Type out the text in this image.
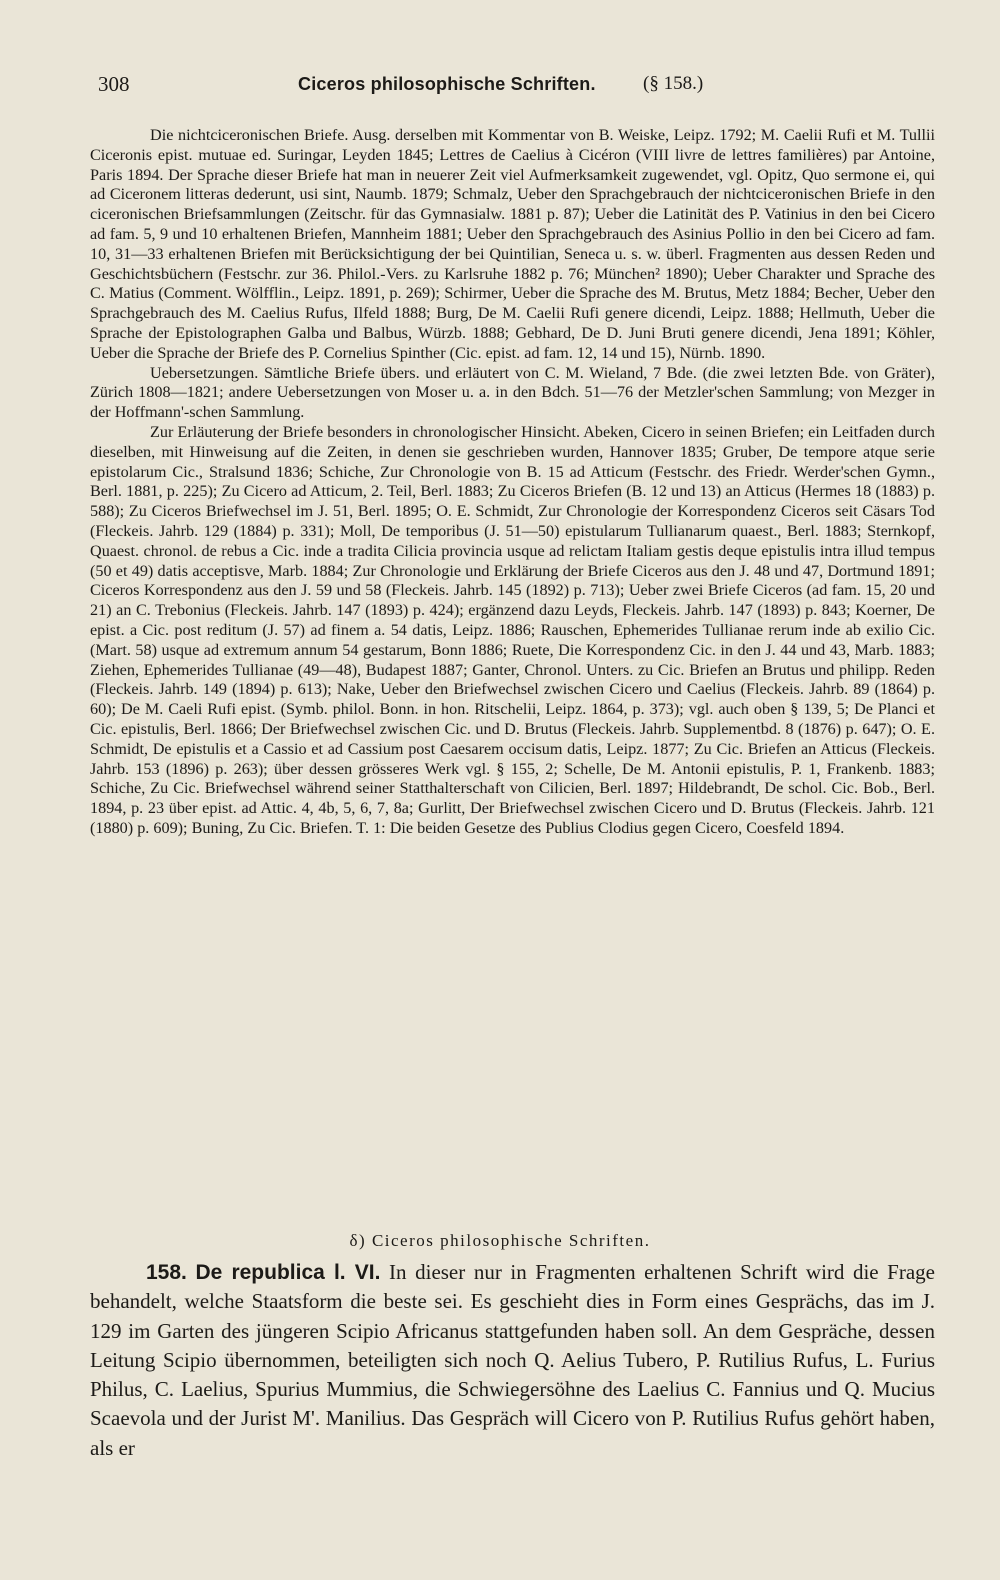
308	Ciceros philosophische Schriften. (§ 158.)

Die nichtciceronischen Briefe. Ausg. derselben mit Kommentar von B. Weiske, Leipz. 1792; M. Caelii Rufi et M. Tullii Ciceronis epist. mutuae ed. Suringar, Leyden 1845; Lettres de Caelius à Cicéron (VIII livre de lettres familières) par Antoine, Paris 1894. Der Sprache dieser Briefe hat man in neuerer Zeit viel Aufmerksamkeit zugewendet, vgl. Opitz, Quo sermone ei, qui ad Ciceronem litteras dederunt, usi sint, Naumb. 1879; Schmalz, Ueber den Sprachgebrauch der nichtciceronischen Briefe in den ciceronischen Briefsammlungen (Zeitschr. für das Gymnasialw. 1881 p. 87); Ueber die Latinität des P. Vatinius in den bei Cicero ad fam. 5, 9 und 10 erhaltenen Briefen, Mannheim 1881; Ueber den Sprachgebrauch des Asinius Pollio in den bei Cicero ad fam. 10, 31—33 erhaltenen Briefen mit Berücksichtigung der bei Quintilian, Seneca u. s. w. überl. Fragmenten aus dessen Reden und Geschichtsbüchern (Festschr. zur 36. Philol.-Vers. zu Karlsruhe 1882 p. 76; München² 1890); Ueber Charakter und Sprache des C. Matius (Comment. Wölfflin., Leipz. 1891, p. 269); Schirmer, Ueber die Sprache des M. Brutus, Metz 1884; Becher, Ueber den Sprachgebrauch des M. Caelius Rufus, Ilfeld 1888; Burg, De M. Caelii Rufi genere dicendi, Leipz. 1888; Hellmuth, Ueber die Sprache der Epistolographen Galba und Balbus, Würzb. 1888; Gebhard, De D. Juni Bruti genere dicendi, Jena 1891; Köhler, Ueber die Sprache der Briefe des P. Cornelius Spinther (Cic. epist. ad fam. 12, 14 und 15), Nürnb. 1890.

Uebersetzungen. Sämtliche Briefe übers. und erläutert von C. M. Wieland, 7 Bde. (die zwei letzten Bde. von Gräter), Zürich 1808—1821; andere Uebersetzungen von Moser u. a. in den Bdch. 51—76 der Metzler'schen Sammlung; von Mezger in der Hoffmann'-schen Sammlung.

Zur Erläuterung der Briefe besonders in chronologischer Hinsicht. Abeken, Cicero in seinen Briefen; ein Leitfaden durch dieselben, mit Hinweisung auf die Zeiten, in denen sie geschrieben wurden, Hannover 1835; Gruber, De tempore atque serie epistolarum Cic., Stralsund 1836; Schiche, Zur Chronologie von B. 15 ad Atticum (Festschr. des Friedr. Werder'schen Gymn., Berl. 1881, p. 225); Zu Cicero ad Atticum, 2. Teil, Berl. 1883; Zu Ciceros Briefen (B. 12 und 13) an Atticus (Hermes 18 (1883) p. 588); Zu Ciceros Briefwechsel im J. 51, Berl. 1895; O. E. Schmidt, Zur Chronologie der Korrespondenz Ciceros seit Cäsars Tod (Fleckeis. Jahrb. 129 (1884) p. 331); Moll, De temporibus (J. 51—50) epistularum Tullianarum quaest., Berl. 1883; Sternkopf, Quaest. chronol. de rebus a Cic. inde a tradita Cilicia provincia usque ad relictam Italiam gestis deque epistulis intra illud tempus (50 et 49) datis acceptisve, Marb. 1884; Zur Chronologie und Erklärung der Briefe Ciceros aus den J. 48 und 47, Dortmund 1891; Ciceros Korrespondenz aus den J. 59 und 58 (Fleckeis. Jahrb. 145 (1892) p. 713); Ueber zwei Briefe Ciceros (ad fam. 15, 20 und 21) an C. Trebonius (Fleckeis. Jahrb. 147 (1893) p. 424); ergänzend dazu Leyds, Fleckeis. Jahrb. 147 (1893) p. 843; Koerner, De epist. a Cic. post reditum (J. 57) ad finem a. 54 datis, Leipz. 1886; Rauschen, Ephemerides Tullianae rerum inde ab exilio Cic. (Mart. 58) usque ad extremum annum 54 gestarum, Bonn 1886; Ruete, Die Korrespondenz Cic. in den J. 44 und 43, Marb. 1883; Ziehen, Ephemerides Tullianae (49—48), Budapest 1887; Ganter, Chronol. Unters. zu Cic. Briefen an Brutus und philipp. Reden (Fleckeis. Jahrb. 149 (1894) p. 613); Nake, Ueber den Briefwechsel zwischen Cicero und Caelius (Fleckeis. Jahrb. 89 (1864) p. 60); De M. Caeli Rufi epist. (Symb. philol. Bonn. in hon. Ritschelii, Leipz. 1864, p. 373); vgl. auch oben § 139, 5; De Planci et Cic. epistulis, Berl. 1866; Der Briefwechsel zwischen Cic. und D. Brutus (Fleckeis. Jahrb. Supplementbd. 8 (1876) p. 647); O. E. Schmidt, De epistulis et a Cassio et ad Cassium post Caesarem occisum datis, Leipz. 1877; Zu Cic. Briefen an Atticus (Fleckeis. Jahrb. 153 (1896) p. 263); über dessen grösseres Werk vgl. § 155, 2; Schelle, De M. Antonii epistulis, P. 1, Frankenb. 1883; Schiche, Zu Cic. Briefwechsel während seiner Statthalterschaft von Cilicien, Berl. 1897; Hildebrandt, De schol. Cic. Bob., Berl. 1894, p. 23 über epist. ad Attic. 4, 4b, 5, 6, 7, 8a; Gurlitt, Der Briefwechsel zwischen Cicero und D. Brutus (Fleckeis. Jahrb. 121 (1880) p. 609); Buning, Zu Cic. Briefen. T. 1: Die beiden Gesetze des Publius Clodius gegen Cicero, Coesfeld 1894.

δ) Ciceros philosophische Schriften.

158. De republica l. VI. In dieser nur in Fragmenten erhaltenen Schrift wird die Frage behandelt, welche Staatsform die beste sei. Es geschieht dies in Form eines Gesprächs, das im J. 129 im Garten des jüngeren Scipio Africanus stattgefunden haben soll. An dem Gespräche, dessen Leitung Scipio übernommen, beteiligten sich noch Q. Aelius Tubero, P. Rutilius Rufus, L. Furius Philus, C. Laelius, Spurius Mummius, die Schwiegersöhne des Laelius C. Fannius und Q. Mucius Scaevola und der Jurist M'. Manilius. Das Gespräch will Cicero von P. Rutilius Rufus gehört haben, als er
